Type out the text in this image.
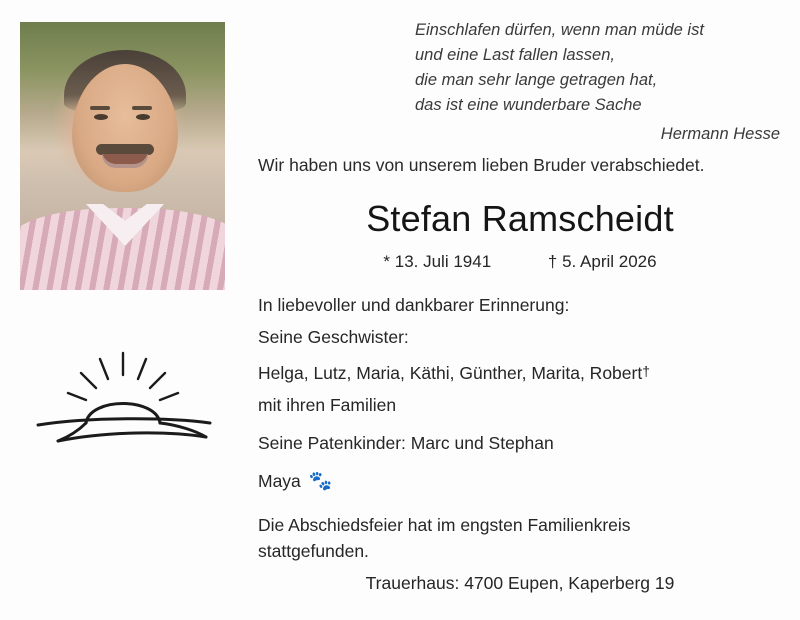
Einschlafen dürfen, wenn man müde ist
und eine Last fallen lassen,
die man sehr lange getragen hat,
das ist eine wunderbare Sache
Hermann Hesse
Wir haben uns von unserem lieben Bruder verabschiedet.
Stefan Ramscheidt
* 13. Juli 1941	† 5. April 2026
In liebevoller und dankbarer Erinnerung:
Seine Geschwister:
Helga, Lutz, Maria, Käthi, Günther, Marita, Robert†
mit ihren Familien
Seine Patenkinder: Marc und Stephan
Maya 🐾
Die Abschiedsfeier hat im engsten Familienkreis
stattgefunden.
Trauerhaus: 4700 Eupen, Kaperberg 19
